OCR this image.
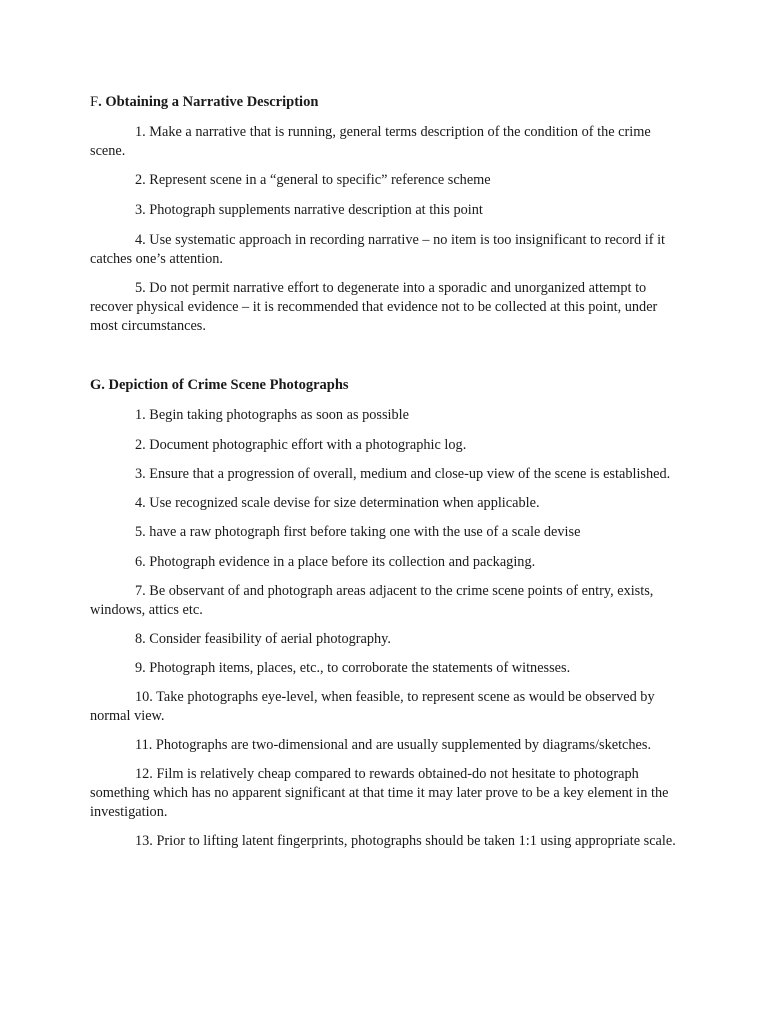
F. Obtaining a Narrative Description

1. Make a narrative that is running, general terms description of the condition of the crime scene.

2. Represent scene in a “general to specific” reference scheme

3. Photograph supplements narrative description at this point

4. Use systematic approach in recording narrative – no item is too insignificant to record if it catches one’s attention.

5. Do not permit narrative effort to degenerate into a sporadic and unorganized attempt to recover physical evidence – it is recommended that evidence not to be collected at this point, under most circumstances.

G. Depiction of Crime Scene Photographs

1. Begin taking photographs as soon as possible

2. Document photographic effort with a photographic log.

3. Ensure that a progression of overall, medium and close-up view of the scene is established.

4. Use recognized scale devise for size determination when applicable.

5. have a raw photograph first before taking one with the use of a scale devise

6. Photograph evidence in a place before its collection and packaging.

7. Be observant of and photograph areas adjacent to the crime scene points of entry, exists, windows, attics etc.

8. Consider feasibility of aerial photography.

9. Photograph items, places, etc., to corroborate the statements of witnesses.

10. Take photographs eye-level, when feasible, to represent scene as would be observed by normal view.

11. Photographs are two-dimensional and are usually supplemented by diagrams/sketches.

12. Film is relatively cheap compared to rewards obtained-do not hesitate to photograph something which has no apparent significant at that time it may later prove to be a key element in the investigation.

13. Prior to lifting latent fingerprints, photographs should be taken 1:1 using appropriate scale.
